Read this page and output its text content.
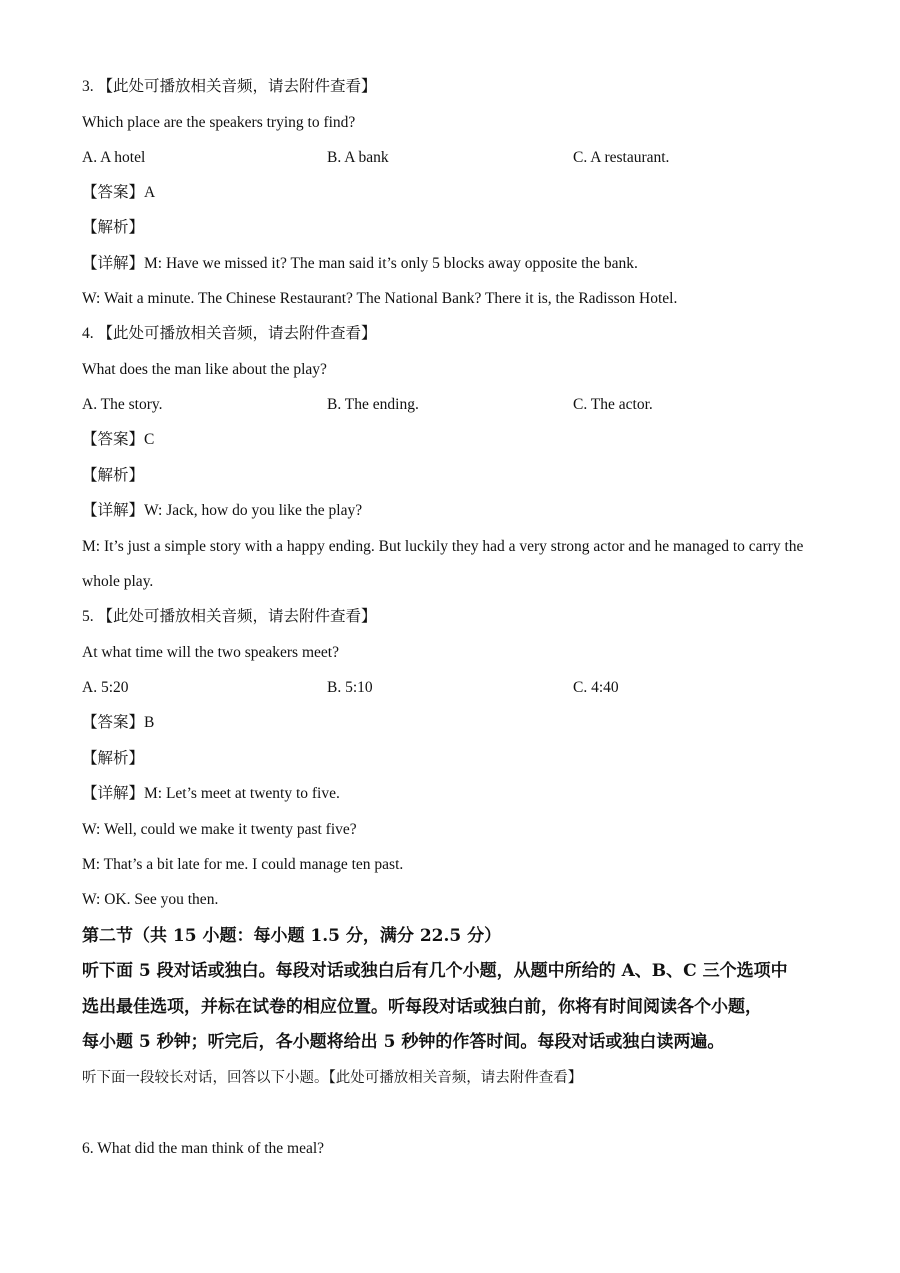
3. 【此处可播放相关音频，请去附件查看】
Which place are the speakers trying to find?
A. A hotel	B. A bank	C. A restaurant.
【答案】A
【解析】
【详解】M: Have we missed it? The man said it’s only 5 blocks away opposite the bank.
W: Wait a minute. The Chinese Restaurant? The National Bank? There it is, the Radisson Hotel.
4. 【此处可播放相关音频，请去附件查看】
What does the man like about the play?
A. The story.	B. The ending.	C. The actor.
【答案】C
【解析】
【详解】W: Jack, how do you like the play?
M: It’s just a simple story with a happy ending. But luckily they had a very strong actor and he managed to carry the
whole play.
5. 【此处可播放相关音频，请去附件查看】
At what time will the two speakers meet?
A. 5:20	B. 5:10	C. 4:40
【答案】B
【解析】
【详解】M: Let’s meet at twenty to five.
W: Well, could we make it twenty past five?
M: That’s a bit late for me. I could manage ten past.
W: OK. See you then.
第二节（共 15 小题：每小题 1.5 分，满分 22.5 分）
听下面 5 段对话或独白。每段对话或独白后有几个小题，从题中所给的 A、B、C 三个选项中
选出最佳选项，并标在试卷的相应位置。听每段对话或独白前，你将有时间阅读各个小题，
每小题 5 秒钟；听完后，各小题将给出 5 秒钟的作答时间。每段对话或独白读两遍。
听下面一段较长对话，回答以下小题。【此处可播放相关音频，请去附件查看】
6. What did the man think of the meal?
